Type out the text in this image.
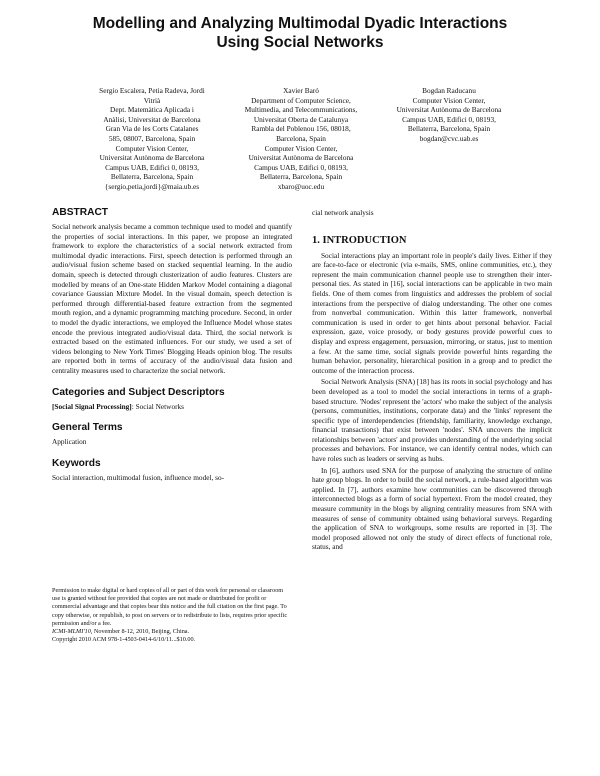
Modelling and Analyzing Multimodal Dyadic Interactions
Using Social Networks
Sergio Escalera, Petia Radeva, Jordi
Vitrià
Dept. Matemàtica Aplicada i
Anàlisi, Universitat de Barcelona
Gran Via de les Corts Catalanes
585, 08007, Barcelona, Spain
Computer Vision Center,
Universitat Autònoma de Barcelona
Campus UAB, Edifici 0, 08193,
Bellaterra, Barcelona, Spain
{sergio,petia,jordi}@maia.ub.es
Xavier Baró
Department of Computer Science,
Multimedia, and Telecommunications,
Universitat Oberta de Catalunya
Rambla del Poblenou 156, 08018,
Barcelona, Spain
Computer Vision Center,
Universitat Autònoma de Barcelona
Campus UAB, Edifici 0, 08193,
Bellaterra, Barcelona, Spain
xbaro@uoc.edu
Bogdan Raducanu
Computer Vision Center,
Universitat Autònoma de Barcelona
Campus UAB, Edifici 0, 08193,
Bellaterra, Barcelona, Spain
bogdan@cvc.uab.es
ABSTRACT

Social network analysis became a common technique used to model and quantify the properties of social interactions. In this paper, we propose an integrated framework to explore the characteristics of a social network extracted from multimodal dyadic interactions. First, speech detection is performed through an audio/visual fusion scheme based on stacked sequential learning. In the audio domain, speech is detected through clusterization of audio features. Clusters are modelled by means of an One-state Hidden Markov Model containing a diagonal covariance Gaussian Mixture Model. In the visual domain, speech detection is performed through differential-based feature extraction from the segmented mouth region, and a dynamic programming matching procedure. Second, in order to model the dyadic interactions, we employed the Influence Model whose states encode the previous integrated audio/visual data. Third, the social network is extracted based on the estimated influences. For our study, we used a set of videos belonging to New York Times' Blogging Heads opinion blog. The results are reported both in terms of accuracy of the audio/visual data fusion and centrality measures used to characterize the social network.

Categories and Subject Descriptors

[Social Signal Processing]: Social Networks

General Terms

Application

Keywords

Social interaction, multimodal fusion, influence model, so-

Permission to make digital or hard copies of all or part of this work for personal or classroom use is granted without fee provided that copies are not made or distributed for profit or commercial advantage and that copies bear this notice and the full citation on the first page. To copy otherwise, or republish, to post on servers or to redistribute to lists, requires prior specific permission and/or a fee.

ICMI-MLMI'10, November 8-12, 2010, Beijing, China.

Copyright 2010 ACM 978-1-4503-0414-6/10/11...$10.00.

cial network analysis

1. INTRODUCTION

Social interactions play an important role in people's daily lives. Either if they are face-to-face or electronic (via e-mails, SMS, online communities, etc.), they represent the main communication channel people use to strengthen their inter-personal ties. As stated in [16], social interactions can be applicable in two main fields. One of them comes from linguistics and addresses the problem of social interactions from the perspective of dialog understanding. The other one comes from nonverbal communication. Within this latter framework, nonverbal communication is used in order to get hints about personal behavior. Facial expression, gaze, voice prosody, or body gestures provide powerful cues to display and express engagement, persuasion, mirroring, or status, just to mention a few. At the same time, social signals provide powerful hints regarding the human behavior, personality, hierarchical position in a group and to predict the outcome of the interaction process.

Social Network Analysis (SNA) [18] has its roots in social psychology and has been developed as a tool to model the social interactions in terms of a graph-based structure. 'Nodes' represent the 'actors' who make the subject of the analysis (persons, communities, institutions, corporate data) and the 'links' represent the specific type of interdependencies (friendship, familiarity, knowledge exchange, financial transactions) that exist between 'nodes'. SNA uncovers the implicit relationships between 'actors' and provides understanding of the underlying social processes and behaviors. For instance, we can identify central nodes, which can have roles such as leaders or serving as hubs.

In [6], authors used SNA for the purpose of analyzing the structure of online hate group blogs. In order to build the social network, a rule-based algorithm was applied. In [7], authors examine how communities can be discovered through interconnected blogs as a form of social hypertext. From the model created, they measure community in the blogs by aligning centrality measures from SNA with measures of sense of community obtained using behavioral surveys. Regarding the application of SNA to workgroups, some results are reported in [3]. The model proposed allowed not only the study of direct effects of functional role, status, and
